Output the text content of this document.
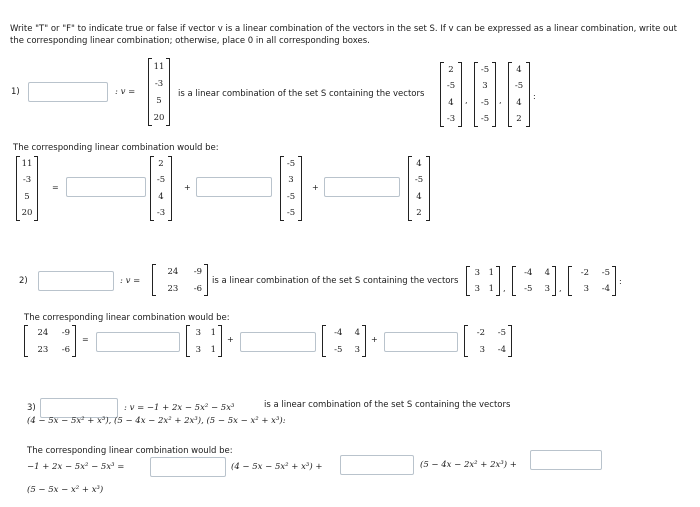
Write "T" or "F" to indicate true or false if vector v is a linear combination of the vectors in the set S. If v can be expressed as a linear combination, write out the corresponding linear combination; otherwise, place 0 in all corresponding boxes.
1)	: v =
11
-3
5
20
is a linear combination of the set S containing the vectors
2
-5
4
-3
,
-5
3
-5
-5
,
4
-5
4
2
:
The corresponding linear combination would be:
11
-3
5
20
=
2
-5
4
-3
+
-5
3
-5
-5
+
4
-5
4
2
2)	: v =
24 -9
23 -6
is a linear combination of the set S containing the vectors
3 1
3 1 ,
-4 4
-5 3 ,
-2 -5
3 -4
:
The corresponding linear combination would be:
24 -9
23 -6
=
3 1
3 1
+
-4 4
-5 3
+
-2 -5
3 -4
3)	: v = −1 + 2x − 5x² − 5x³	is a linear combination of the set S containing the vectors
(4 − 5x − 5x² + x³), (5 − 4x − 2x² + 2x³), (5 − 5x − x² + x³):
The corresponding linear combination would be:
−1 + 2x − 5x² − 5x³ =	(4 − 5x − 5x² + x³) +	(5 − 4x − 2x² + 2x³) +
(5 − 5x − x² + x³)
